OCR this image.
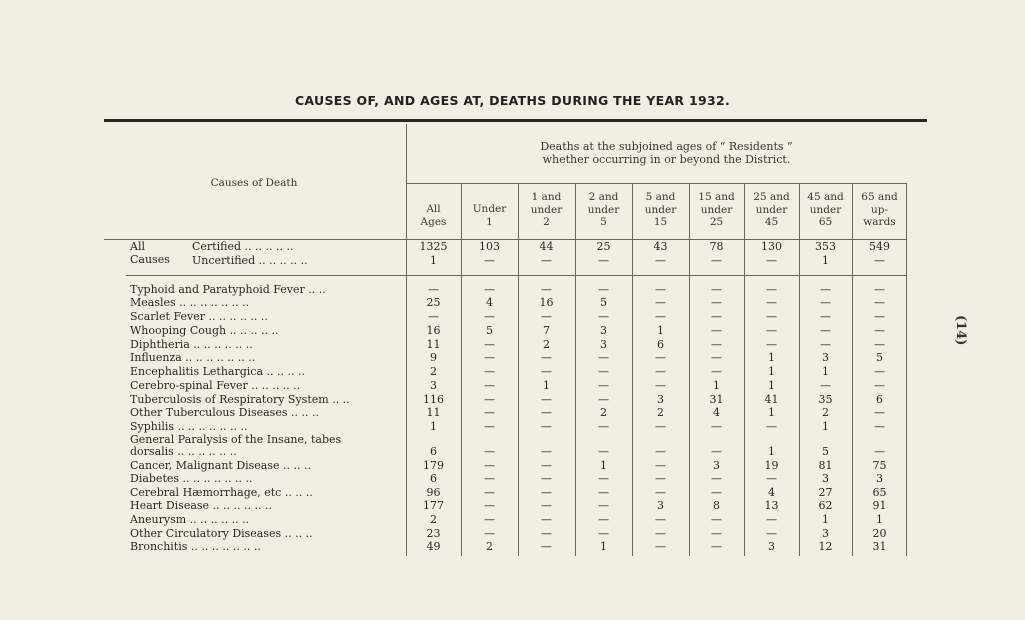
CAUSES OF, AND AGES AT, DEATHS DURING THE YEAR 1932.
Causes of Death
Deaths at the subjoined ages of “ Residents ”
whether occurring in or beyond the District.
All
Ages
Under
1
1 and
under
2
2 and
under
5
5 and
under
15
15 and
under
25
25 and
under
45
45 and
under
65
65 and
up-
wards
All
Causes
Certified .. .. .. .. ..	1325	103	44	25	43	78	130	353	549
Uncertified .. .. .. .. ..	1	—	—	—	—	—	—	1	—
Typhoid and Paratyphoid Fever .. ..	—	—	—	—	—	—	—	—	—
Measles .. .. .. .. .. .. ..	25	4	16	5	—	—	—	—	—
Scarlet Fever .. .. .. .. .. ..	—	—	—	—	—	—	—	—	—
Whooping Cough .. .. .. .. ..	16	5	7	3	1	—	—	—	—
Diphtheria .. .. .. .. .. ..	11	—	2	3	6	—	—	—	—
Influenza .. .. .. .. .. .. ..	9	—	—	—	—	—	1	3	5
Encephalitis Lethargica .. .. .. ..	2	—	—	—	—	—	1	1	—
Cerebro-spinal Fever .. .. .. .. ..	3	—	1	—	—	1	1	—	—
Tuberculosis of Respiratory System .. ..	116	—	—	—	3	31	41	35	6
Other Tuberculous Diseases .. .. ..	11	—	—	2	2	4	1	2	—
Syphilis .. .. .. .. .. .. ..	1	—	—	—	—	—	—	1	—
General Paralysis of the Insane, tabes
dorsalis .. .. .. .. .. ..	6	—	—	—	—	—	1	5	—
Cancer, Malignant Disease .. .. ..	179	—	—	1	—	3	19	81	75
Diabetes .. .. .. .. .. .. ..	6	—	—	—	—	—	—	3	3
Cerebral Hæmorrhage, etc .. .. ..	96	—	—	—	—	—	4	27	65
Heart Disease .. .. .. .. .. ..	177	—	—	—	3	8	13	62	91
Aneurysm .. .. .. .. .. ..	2	—	—	—	—	—	—	1	1
Other Circulatory Diseases .. .. ..	23	—	—	—	—	—	—	3	20
Bronchitis .. .. .. .. .. .. ..	49	2	—	1	—	—	3	12	31
(14)
